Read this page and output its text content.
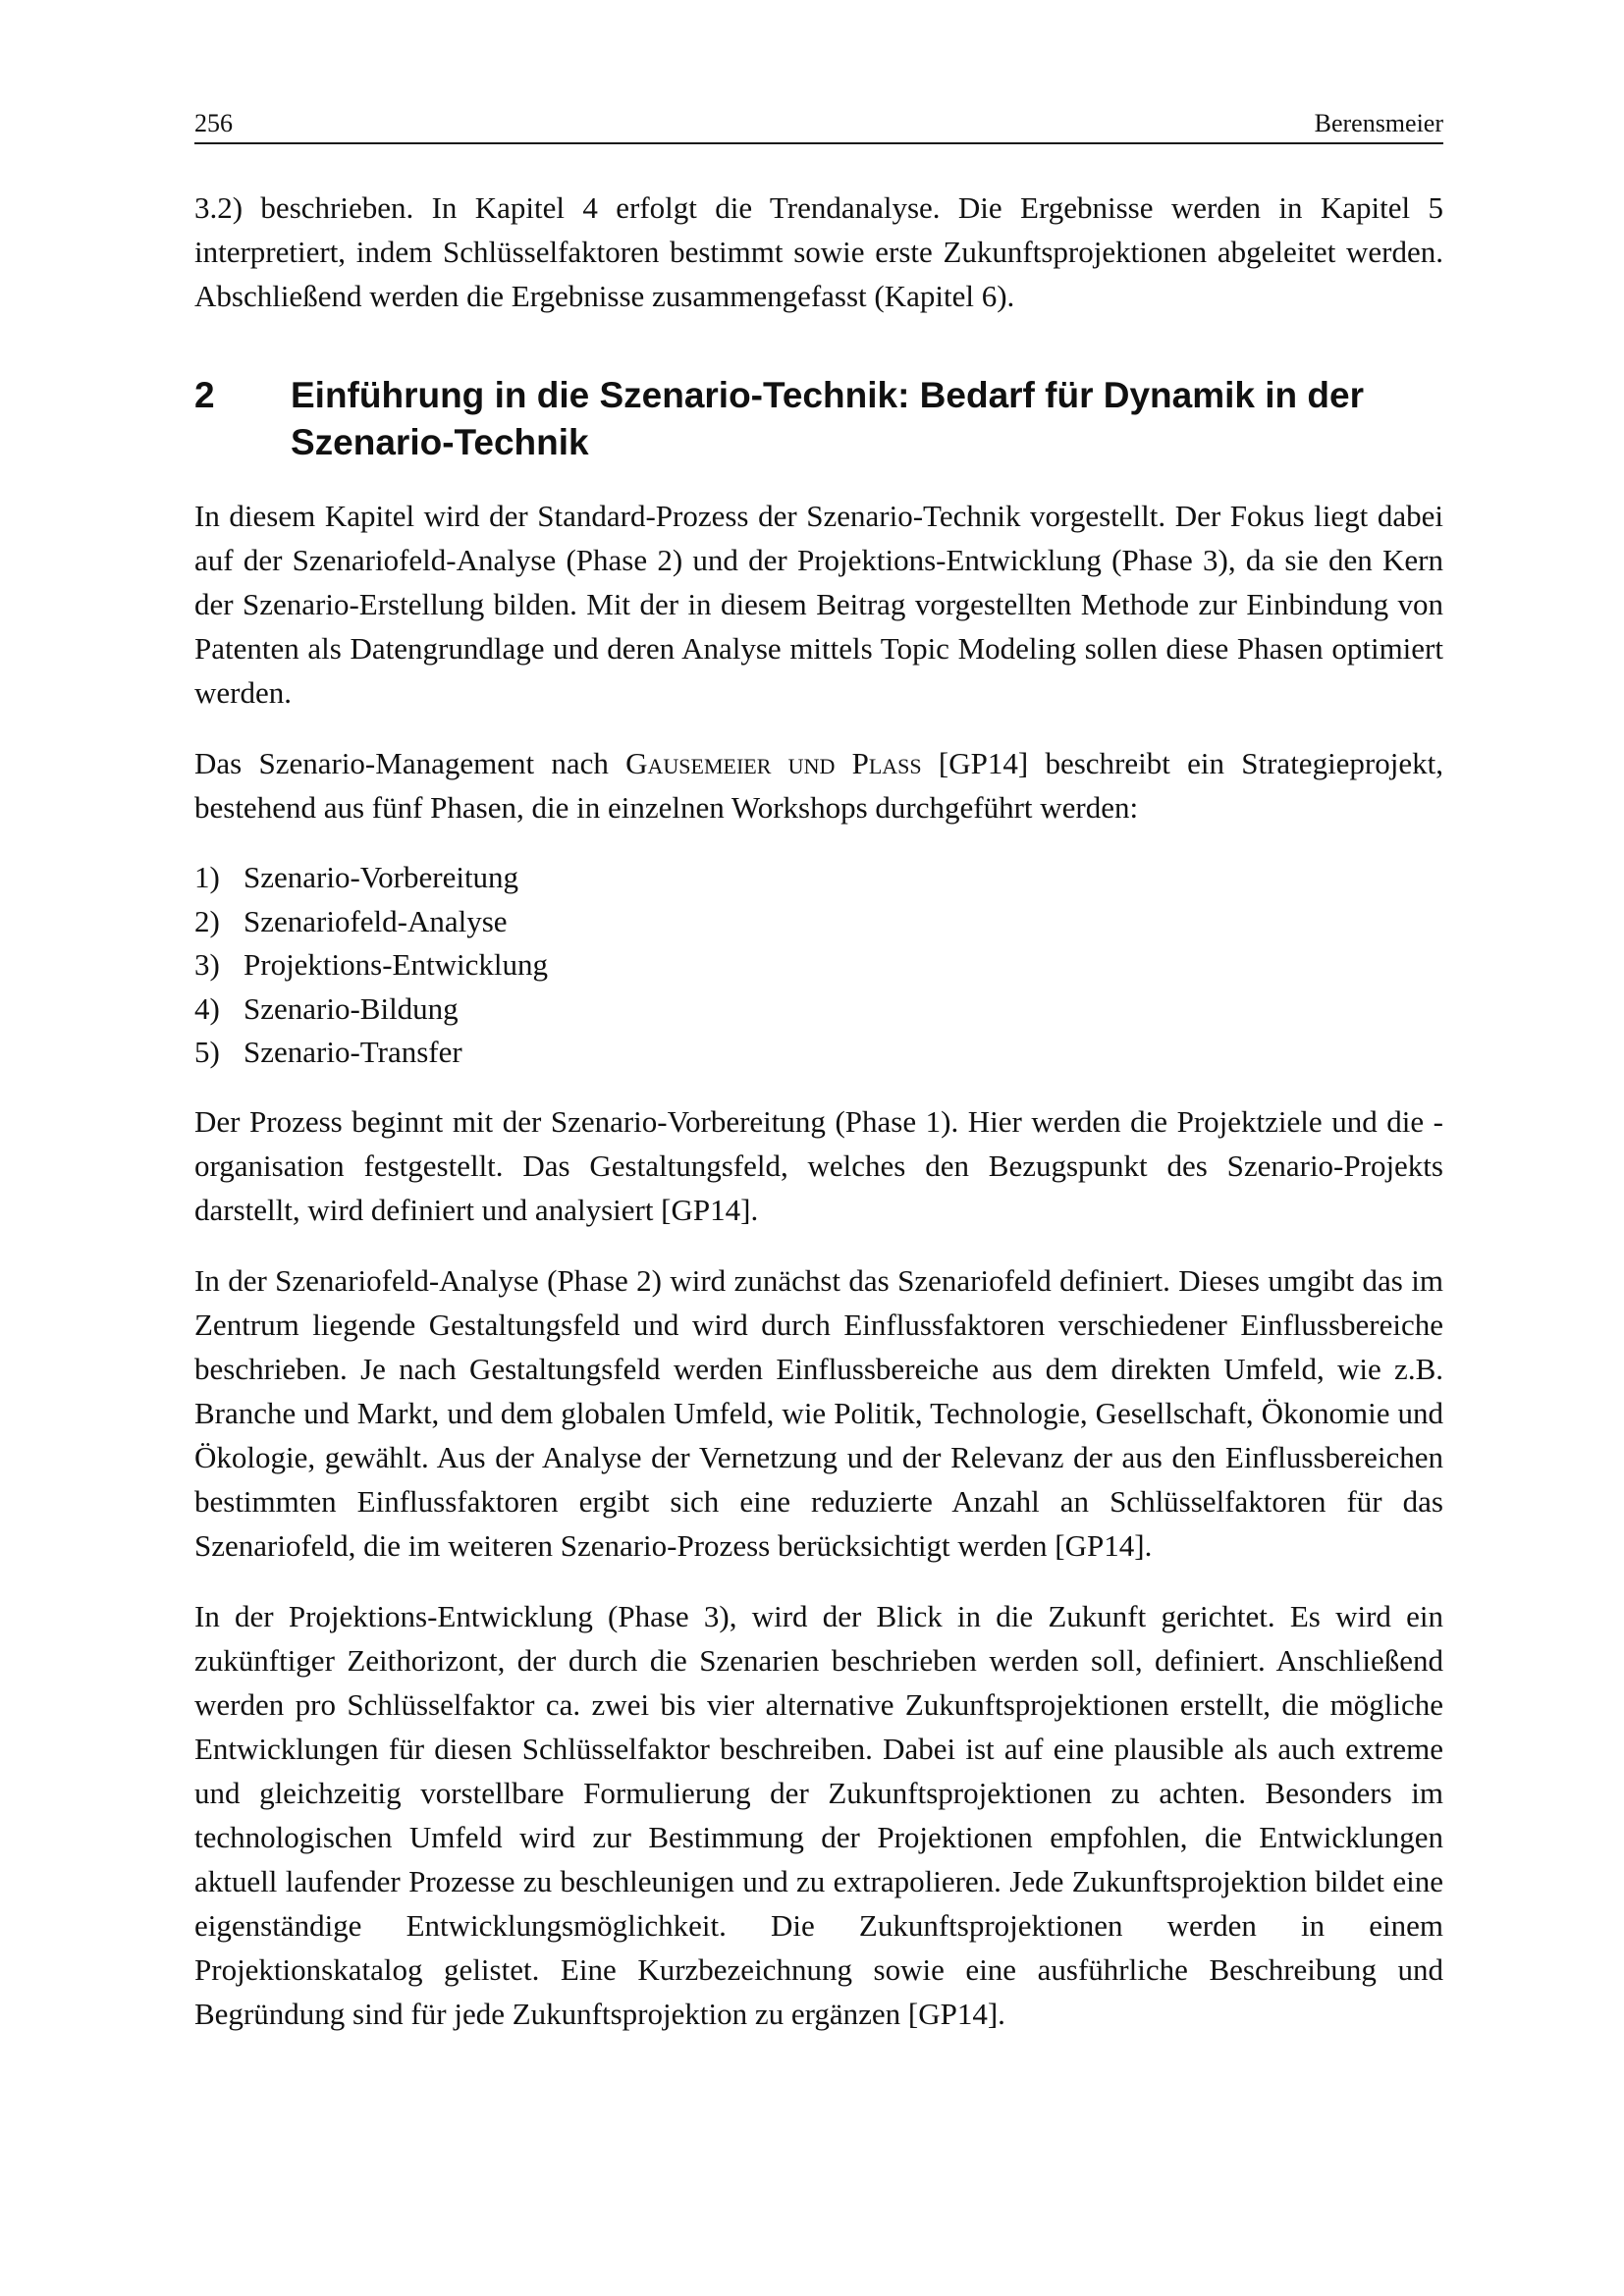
256	Berensmeier

3.2) beschrieben. In Kapitel 4 erfolgt die Trendanalyse. Die Ergebnisse werden in Kapitel 5 interpretiert, indem Schlüsselfaktoren bestimmt sowie erste Zukunftsprojektionen abgeleitet werden. Abschließend werden die Ergebnisse zusammengefasst (Kapitel 6).

2	Einführung in die Szenario-Technik: Bedarf für Dynamik in der Szenario-Technik

In diesem Kapitel wird der Standard-Prozess der Szenario-Technik vorgestellt. Der Fokus liegt dabei auf der Szenariofeld-Analyse (Phase 2) und der Projektions-Entwicklung (Phase 3), da sie den Kern der Szenario-Erstellung bilden. Mit der in diesem Beitrag vorgestellten Methode zur Einbindung von Patenten als Datengrundlage und deren Analyse mittels Topic Modeling sollen diese Phasen optimiert werden.

Das Szenario-Management nach Gausemeier und Plass [GP14] beschreibt ein Strategieprojekt, bestehend aus fünf Phasen, die in einzelnen Workshops durchgeführt werden:

1) Szenario-Vorbereitung
2) Szenariofeld-Analyse
3) Projektions-Entwicklung
4) Szenario-Bildung
5) Szenario-Transfer

Der Prozess beginnt mit der Szenario-Vorbereitung (Phase 1). Hier werden die Projektziele und die -organisation festgestellt. Das Gestaltungsfeld, welches den Bezugspunkt des Szenario-Projekts darstellt, wird definiert und analysiert [GP14].

In der Szenariofeld-Analyse (Phase 2) wird zunächst das Szenariofeld definiert. Dieses umgibt das im Zentrum liegende Gestaltungsfeld und wird durch Einflussfaktoren verschiedener Einflussbereiche beschrieben. Je nach Gestaltungsfeld werden Einflussbereiche aus dem direkten Umfeld, wie z.B. Branche und Markt, und dem globalen Umfeld, wie Politik, Technologie, Gesellschaft, Ökonomie und Ökologie, gewählt. Aus der Analyse der Vernetzung und der Relevanz der aus den Einflussbereichen bestimmten Einflussfaktoren ergibt sich eine reduzierte Anzahl an Schlüsselfaktoren für das Szenariofeld, die im weiteren Szenario-Prozess berücksichtigt werden [GP14].

In der Projektions-Entwicklung (Phase 3), wird der Blick in die Zukunft gerichtet. Es wird ein zukünftiger Zeithorizont, der durch die Szenarien beschrieben werden soll, definiert. Anschließend werden pro Schlüsselfaktor ca. zwei bis vier alternative Zukunftsprojektionen erstellt, die mögliche Entwicklungen für diesen Schlüsselfaktor beschreiben. Dabei ist auf eine plausible als auch extreme und gleichzeitig vorstellbare Formulierung der Zukunftsprojektionen zu achten. Besonders im technologischen Umfeld wird zur Bestimmung der Projektionen empfohlen, die Entwicklungen aktuell laufender Prozesse zu beschleunigen und zu extrapolieren. Jede Zukunftsprojektion bildet eine eigenständige Entwicklungsmöglichkeit. Die Zukunftsprojektionen werden in einem Projektionskatalog gelistet. Eine Kurzbezeichnung sowie eine ausführliche Beschreibung und Begründung sind für jede Zukunftsprojektion zu ergänzen [GP14].
